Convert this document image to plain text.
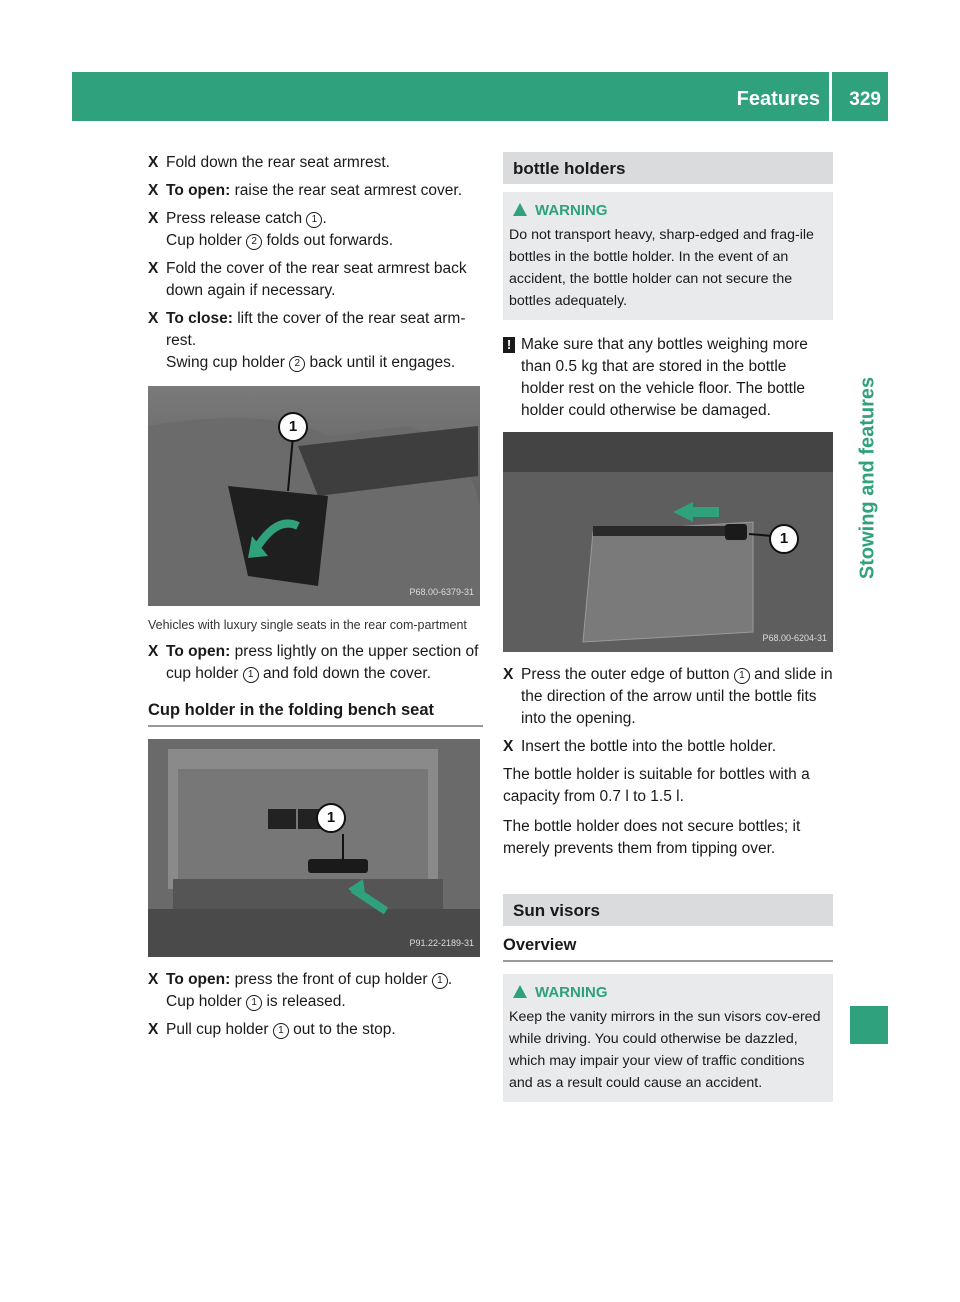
Features 329
Stowing and features
X Fold down the rear seat armrest.
X To open: raise the rear seat armrest cover.
X Press release catch 1 .
Cup holder 2 folds out forwards.
X Fold the cover of the rear seat armrest back down again if necessary.
X To close: lift the cover of the rear seat arm-rest.
Swing cup holder 2 back until it engages.
1
P68.00-6379-31
Vehicles with luxury single seats in the rear com-partment
X To open: press lightly on the upper section of cup holder 1 and fold down the cover.
Cup holder in the folding bench seat
1
P91.22-2189-31
X To open: press the front of cup holder 1 .
Cup holder 1 is released.
X Pull cup holder 1 out to the stop.
bottle holders
WARNING
Do not transport heavy, sharp-edged and frag-ile bottles in the bottle holder. In the event of an accident, the bottle holder can not secure the bottles adequately.
! Make sure that any bottles weighing more than 0.5 kg that are stored in the bottle holder rest on the vehicle floor. The bottle holder could otherwise be damaged.
1
P68.00-6204-31
X Press the outer edge of button 1 and slide in the direction of the arrow until the bottle fits into the opening.
X Insert the bottle into the bottle holder.
The bottle holder is suitable for bottles with a capacity from 0.7 l to 1.5 l.
The bottle holder does not secure bottles; it merely prevents them from tipping over.
Sun visors
Overview
WARNING
Keep the vanity mirrors in the sun visors cov-ered while driving. You could otherwise be dazzled, which may impair your view of traffic conditions and as a result could cause an accident.
